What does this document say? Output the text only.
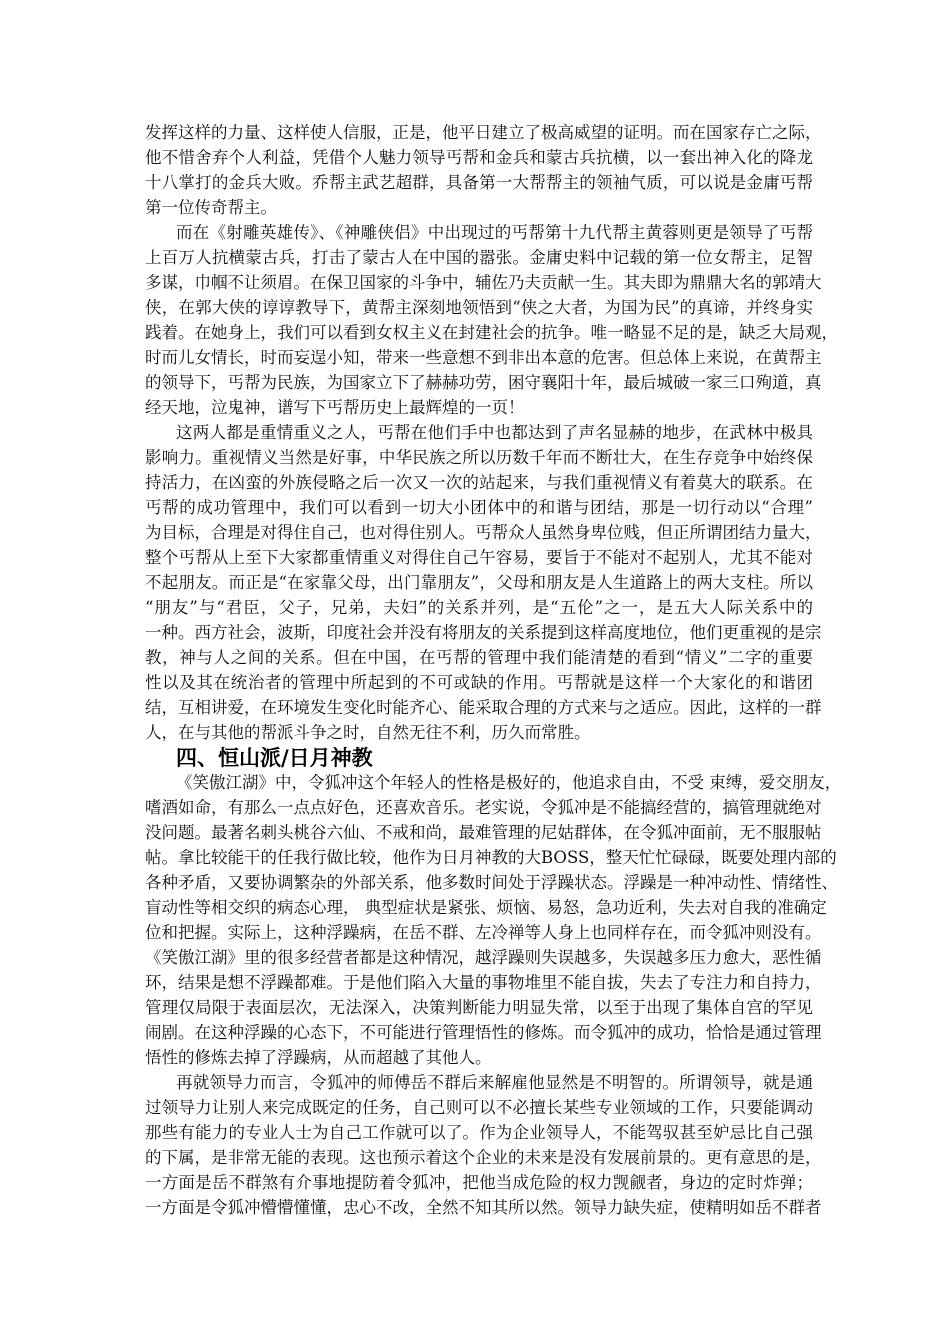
发挥这样的力量、这样使人信服，正是，他平日建立了极高威望的证明。而在国家存亡之际，
他不惜舍弃个人利益，凭借个人魅力领导丐帮和金兵和蒙古兵抗横，以一套出神入化的降龙
十八掌打的金兵大败。乔帮主武艺超群，具备第一大帮帮主的领袖气质，可以说是金庸丐帮
第一位传奇帮主。
而在《射雕英雄传》、《神雕侠侣》中出现过的丐帮第十九代帮主黄蓉则更是领导了丐帮
上百万人抗横蒙古兵，打击了蒙古人在中国的嚣张。金庸史料中记载的第一位女帮主，足智
多谋，巾帼不让须眉。在保卫国家的斗争中，辅佐乃夫贡献一生。其夫即为鼎鼎大名的郭靖大
侠，在郭大侠的谆谆教导下，黄帮主深刻地领悟到“侠之大者，为国为民”的真谛，并终身实
践着。在她身上，我们可以看到女权主义在封建社会的抗争。唯一略显不足的是，缺乏大局观，
时而儿女情长，时而妄逞小知，带来一些意想不到非出本意的危害。但总体上来说，在黄帮主
的领导下，丐帮为民族，为国家立下了赫赫功劳，困守襄阳十年，最后城破一家三口殉道，真
经天地，泣鬼神，谱写下丐帮历史上最辉煌的一页！
这两人都是重情重义之人，丐帮在他们手中也都达到了声名显赫的地步，在武林中极具
影响力。重视情义当然是好事，中华民族之所以历数千年而不断壮大，在生存竞争中始终保
持活力，在凶蛮的外族侵略之后一次又一次的站起来，与我们重视情义有着莫大的联系。在
丐帮的成功管理中，我们可以看到一切大小团体中的和谐与团结，那是一切行动以“合理”
为目标，合理是对得住自己，也对得住别人。丐帮众人虽然身卑位贱，但正所谓团结力量大，
整个丐帮从上至下大家都重情重义对得住自己午容易，要旨于不能对不起别人，尤其不能对
不起朋友。而正是“在家靠父母，出门靠朋友”，父母和朋友是人生道路上的两大支柱。所以
“朋友”与“君臣，父子，兄弟，夫妇”的关系并列，是“五伦”之一，是五大人际关系中的
一种。西方社会，波斯，印度社会并没有将朋友的关系提到这样高度地位，他们更重视的是宗
教，神与人之间的关系。但在中国，在丐帮的管理中我们能清楚的看到“情义”二字的重要
性以及其在统治者的管理中所起到的不可或缺的作用。丐帮就是这样一个大家化的和谐团
结，互相讲爱，在环境发生变化时能齐心、能采取合理的方式来与之适应。因此，这样的一群
人，在与其他的帮派斗争之时，自然无往不利，历久而常胜。
四、恒山派/日月神教
《笑傲江湖》中，令狐冲这个年轻人的性格是极好的，他追求自由，不受 束缚，爱交朋友，
嗜酒如命，有那么一点点好色，还喜欢音乐。老实说，令狐冲是不能搞经营的，搞管理就绝对
没问题。最著名刺头桃谷六仙、不戒和尚，最难管理的尼姑群体，在令狐冲面前，无不服服帖
帖。拿比较能干的任我行做比较，他作为日月神教的大BOSS，整天忙忙碌碌，既要处理内部的
各种矛盾，又要协调繁杂的外部关系，他多数时间处于浮躁状态。浮躁是一种冲动性、情绪性、
盲动性等相交织的病态心理， 典型症状是紧张、烦恼、易怒，急功近利，失去对自我的准确定
位和把握。实际上，这种浮躁病，在岳不群、左冷禅等人身上也同样存在，而令狐冲则没有。
《笑傲江湖》里的很多经营者都是这种情况，越浮躁则失误越多，失误越多压力愈大，恶性循
环，结果是想不浮躁都难。于是他们陷入大量的事物堆里不能自拔，失去了专注力和自持力，
管理仅局限于表面层次，无法深入，决策判断能力明显失常，以至于出现了集体自宫的罕见
闹剧。在这种浮躁的心态下，不可能进行管理悟性的修炼。而令狐冲的成功，恰恰是通过管理
悟性的修炼去掉了浮躁病，从而超越了其他人。
再就领导力而言，令狐冲的师傅岳不群后来解雇他显然是不明智的。所谓领导，就是通
过领导力让别人来完成既定的任务，自己则可以不必擅长某些专业领域的工作，只要能调动
那些有能力的专业人士为自己工作就可以了。作为企业领导人，不能驾驭甚至妒忌比自己强
的下属，是非常无能的表现。这也预示着这个企业的未来是没有发展前景的。更有意思的是，
一方面是岳不群煞有介事地提防着令狐冲，把他当成危险的权力觊觎者，身边的定时炸弹；
一方面是令狐冲懵懵懂懂，忠心不改，全然不知其所以然。领导力缺失症，使精明如岳不群者
